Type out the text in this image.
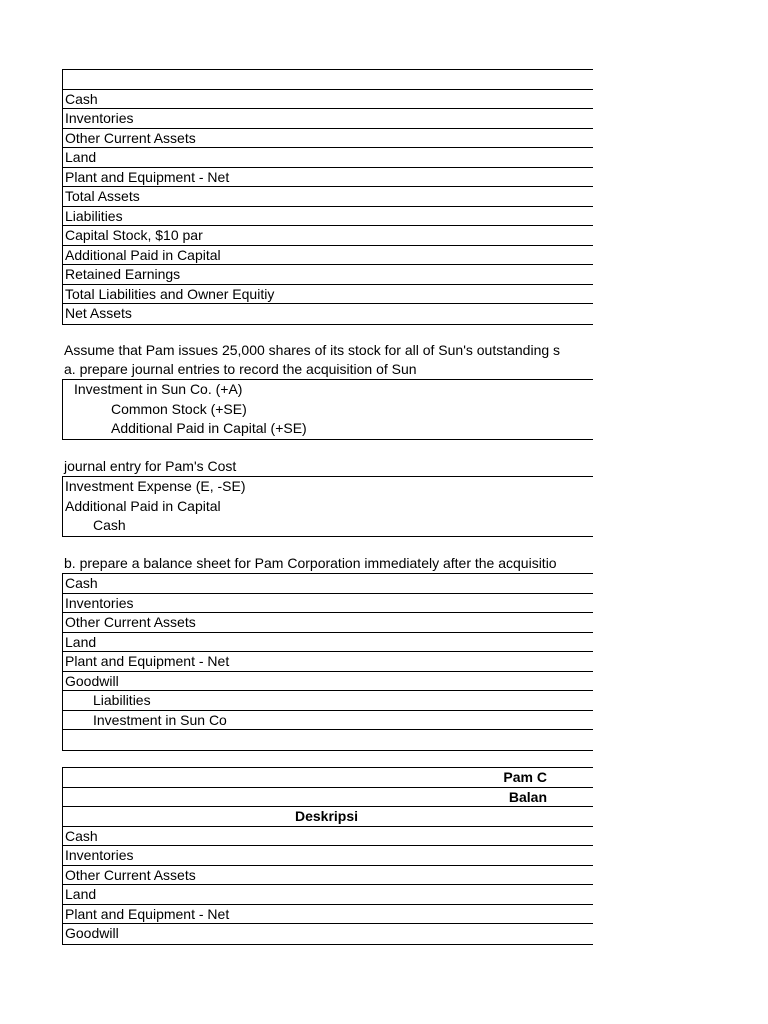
Cash
Inventories
Other Current Assets
Land
Plant and Equipment - Net
Total Assets
Liabilities
Capital Stock, $10 par
Additional Paid in Capital
Retained Earnings
Total Liabilities and Owner Equitiy
Net Assets
Assume that Pam issues 25,000 shares of its stock for all of Sun's outstanding s
a. prepare journal entries to record the acquisition of Sun
Investment in Sun Co. (+A)
Common Stock (+SE)
Additional Paid in Capital (+SE)
journal entry for Pam's Cost
Investment Expense (E, -SE)
Additional Paid in Capital
Cash
b. prepare a balance sheet for Pam Corporation immediately after the acquisitio
Cash
Inventories
Other Current Assets
Land
Plant and Equipment - Net
Goodwill
Liabilities
Investment in Sun Co
Pam C
Balan
Deskripsi
Cash
Inventories
Other Current Assets
Land
Plant and Equipment - Net
Goodwill
